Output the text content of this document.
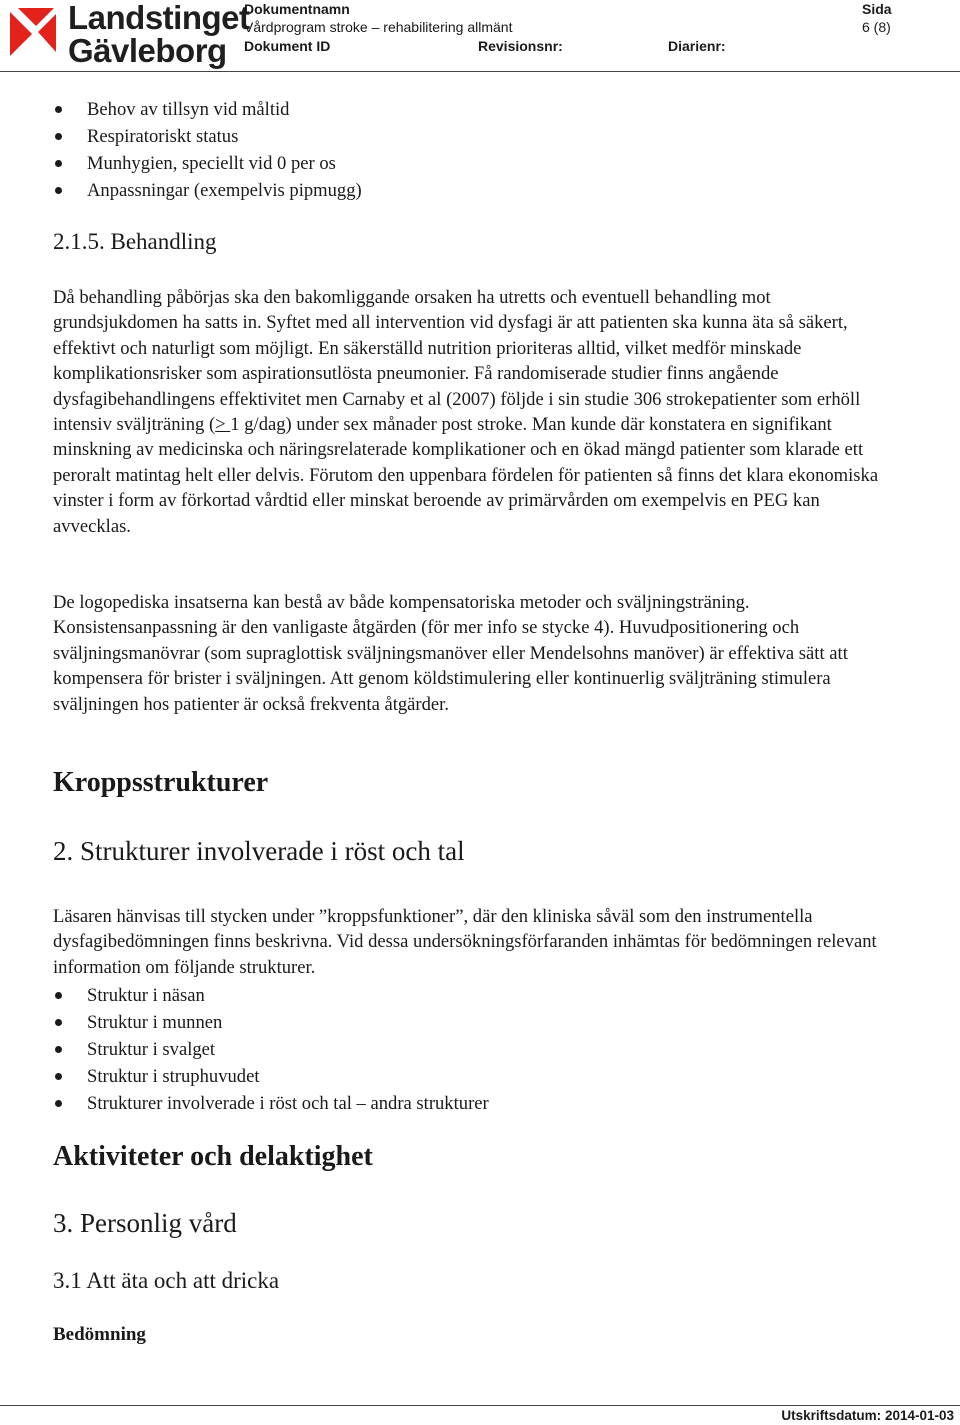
Landstinget
Gävleborg
Dokumentnamn
Vårdprogram stroke – rehabilitering allmänt
Dokument ID	Revisionsnr:	Diarienr:
Sida
6 (8)
Behov av tillsyn vid måltid
Respiratoriskt status
Munhygien, speciellt vid 0 per os
Anpassningar (exempelvis pipmugg)
2.1.5. Behandling

Då behandling påbörjas ska den bakomliggande orsaken ha utretts och eventuell behandling mot grundsjukdomen ha satts in. Syftet med all intervention vid dysfagi är att patienten ska kunna äta så säkert, effektivt och naturligt som möjligt. En säkerställd nutrition prioriteras alltid, vilket medför minskade komplikationsrisker som aspirationsutlösta pneumonier. Få randomiserade studier finns angående dysfagibehandlingens effektivitet men Carnaby et al (2007) följde i sin studie 306 strokepatienter som erhöll intensiv sväljträning (> 1 g/dag) under sex månader post stroke. Man kunde där konstatera en signifikant minskning av medicinska och näringsrelaterade komplikationer och en ökad mängd patienter som klarade ett peroralt matintag helt eller delvis. Förutom den uppenbara fördelen för patienten så finns det klara ekonomiska vinster i form av förkortad vårdtid eller minskat beroende av primärvården om exempelvis en PEG kan avvecklas.

De logopediska insatserna kan bestå av både kompensatoriska metoder och sväljningsträning. Konsistensanpassning är den vanligaste åtgärden (för mer info se stycke 4). Huvudpositionering och sväljningsmanövrar (som supraglottisk sväljningsmanöver eller Mendelsohns manöver) är effektiva sätt att kompensera för brister i sväljningen. Att genom köldstimulering eller kontinuerlig sväljträning stimulera sväljningen hos patienter är också frekventa åtgärder.

Kroppsstrukturer
2. Strukturer involverade i röst och tal

Läsaren hänvisas till stycken under ”kroppsfunktioner”, där den kliniska såväl som den instrumentella dysfagibedömningen finns beskrivna. Vid dessa undersökningsförfaranden inhämtas för bedömningen relevant information om följande strukturer.

Struktur i näsan
Struktur i munnen
Struktur i svalget
Struktur i struphuvudet
Strukturer involverade i röst och tal – andra strukturer
Aktiviteter och delaktighet
3. Personlig vård
3.1 Att äta och att dricka
Bedömning
Utskriftsdatum: 2014-01-03
